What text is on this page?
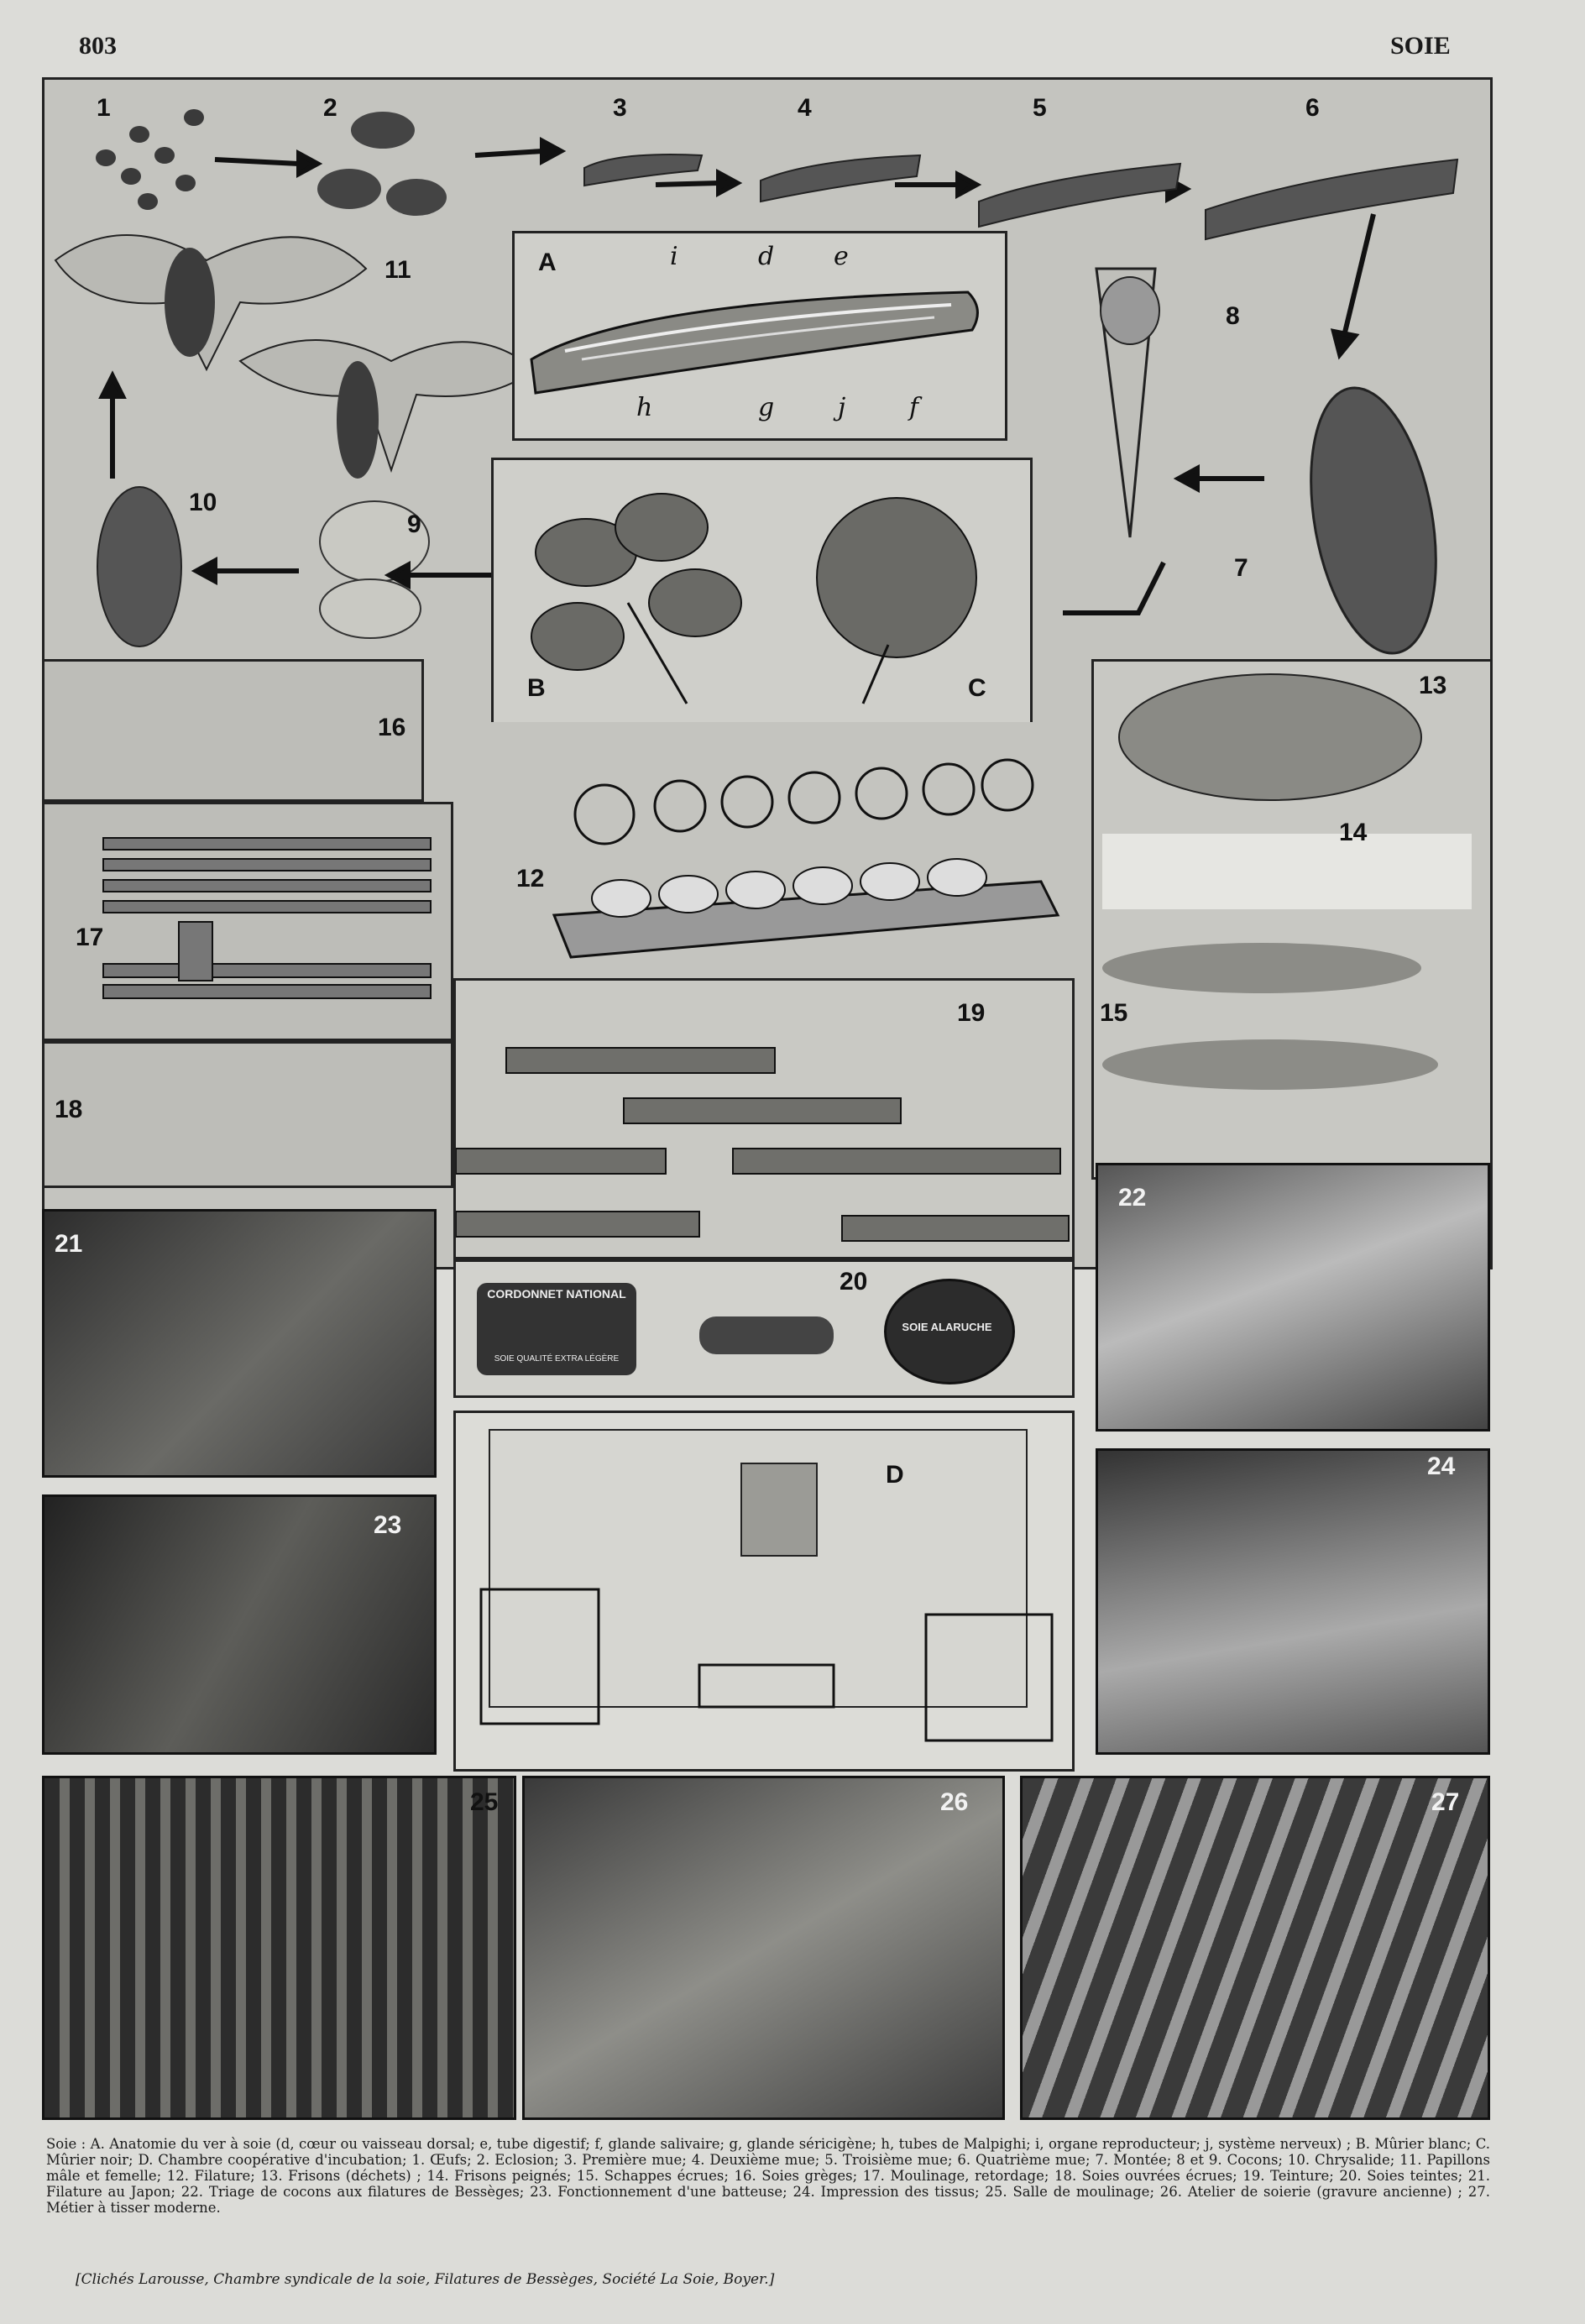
803	SOIE
A	i	d e
h	g	j	f
B	C
CORDONNET NATIONAL
SOIE QUALITÉ EXTRA LÉGÈRE
SOIE ALARUCHE
1	2	3	4	5	6
7
8
9
10
11
12
13
14
15
16
17
18
19
20
21
22
23
24
25	26	27
D
Soie : A. Anatomie du ver à soie (d, cœur ou vaisseau dorsal; e, tube digestif; f, glande salivaire; g, glande séricigène; h, tubes de Malpighi; i, organe reproducteur; j, système nerveux) ; B. Mûrier blanc; C. Mûrier noir; D. Chambre coopérative d'incubation; 1. Œufs; 2. Eclosion; 3. Première mue; 4. Deuxième mue; 5. Troisième mue; 6. Quatrième mue; 7. Montée; 8 et 9. Cocons; 10. Chrysalide; 11. Papillons mâle et femelle; 12. Filature; 13. Frisons (déchets) ; 14. Frisons peignés; 15. Schappes écrues; 16. Soies grèges; 17. Moulinage, retordage; 18. Soies ouvrées écrues; 19. Teinture; 20. Soies teintes; 21. Filature au Japon; 22. Triage de cocons aux filatures de Bessèges; 23. Fonctionnement d'une batteuse; 24. Impression des tissus; 25. Salle de moulinage; 26. Atelier de soierie (gravure ancienne) ; 27. Métier à tisser moderne.
[Clichés Larousse, Chambre syndicale de la soie, Filatures de Bessèges, Société La Soie, Boyer.]
